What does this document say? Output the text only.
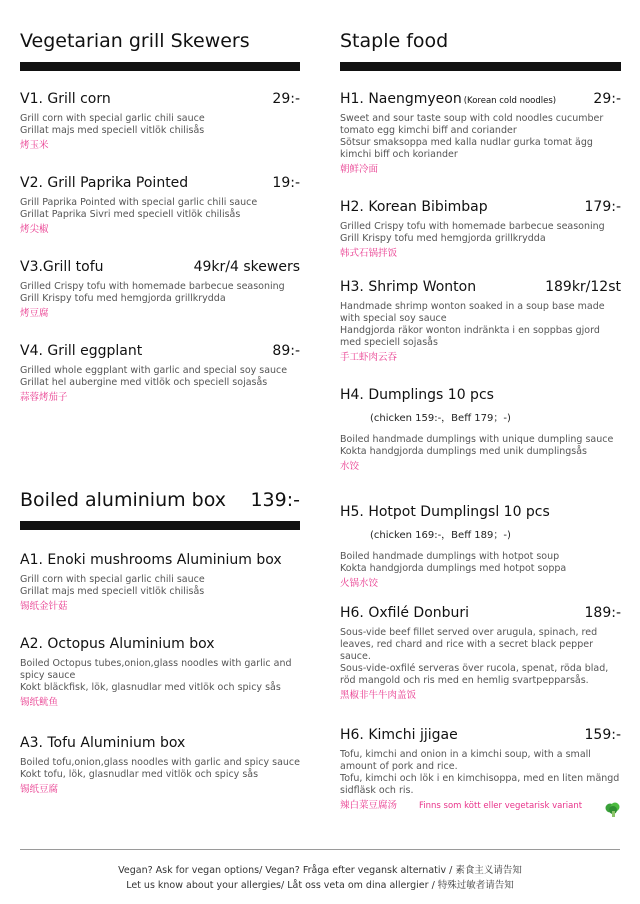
Vegetarian grill Skewers
V1. Grill corn	29:-
Grill corn with special garlic chili sauce
Grillat majs med speciell vitlök chilisås
烤玉米
V2. Grill Paprika Pointed	19:-
Grill Paprika Pointed with special garlic chili sauce
Grillat Paprika Sivri med speciell vitlök chilisås
烤尖椒
V3.Grill tofu	49kr/4 skewers
Grilled Crispy tofu with homemade barbecue seasoning
Grill Krispy tofu med hemgjorda grillkrydda
烤豆腐
V4. Grill eggplant	89:-
Grilled whole eggplant with garlic and special soy sauce
Grillat hel aubergine med vitlök och speciell sojasås
蒜蓉烤茄子
Boiled aluminium box 139:-
A1. Enoki mushrooms Aluminium box
Grill corn with special garlic chili sauce
Grillat majs med speciell vitlök chilisås
锡纸金针菇
A2. Octopus Aluminium box
Boiled Octopus tubes,onion,glass noodles with garlic and spicy sauce
Kokt bläckfisk, lök, glasnudlar med vitlök och spicy sås
锡纸鱿鱼
A3. Tofu Aluminium box
Boiled tofu,onion,glass noodles with garlic and spicy sauce
Kokt tofu, lök, glasnudlar med vitlök och spicy sås
锡纸豆腐
Staple food
H1. Naengmyeon (Korean cold noodles)	29:-
Sweet and sour taste soup with cold noodles cucumber tomato egg kimchi biff and coriander
Sötsur smaksoppa med kalla nudlar gurka tomat ägg kimchi biff och koriander
朝鲜冷面
H2. Korean Bibimbap	179:-
Grilled Crispy tofu with homemade barbecue seasoning
Grill Krispy tofu med hemgjorda grillkrydda
韩式石锅拌饭
H3. Shrimp Wonton	189kr/12st
Handmade shrimp wonton soaked in a soup base made with special soy sauce
Handgjorda räkor wonton indränkta i en soppbas gjord med speciell sojasås
手工虾肉云吞
H4. Dumplings 10 pcs
(chicken 159:-，Beff 179；-)
Boiled handmade dumplings with unique dumpling sauce
Kokta handgjorda dumplings med unik dumplingsås
水饺
H5. Hotpot Dumplingsl 10 pcs
(chicken 169:-，Beff 189；-)
Boiled handmade dumplings with hotpot soup
Kokta handgjorda dumplings med hotpot soppa
火锅水饺
H6. Oxfilé Donburi	189:-
Sous-vide beef fillet served over arugula, spinach, red leaves, red chard and rice with a secret black pepper sauce.
Sous-vide-oxfilé serveras över rucola, spenat, röda blad, röd mangold och ris med en hemlig svartpepparsås.
黑椒非牛牛肉盖饭
H6. Kimchi jjigae	159:-
Tofu, kimchi and onion in a kimchi soup, with a small amount of pork and rice.
Tofu, kimchi och lök i en kimchisoppa, med en liten mängd sidfläsk och ris.
辣白菜豆腐汤	Finns som kött eller vegetarisk variant
Vegan? Ask for vegan options/ Vegan? Fråga efter vegansk alternativ / 素食主义请告知
Let us know about your allergies/ Låt oss veta om dina allergier / 特殊过敏者请告知
